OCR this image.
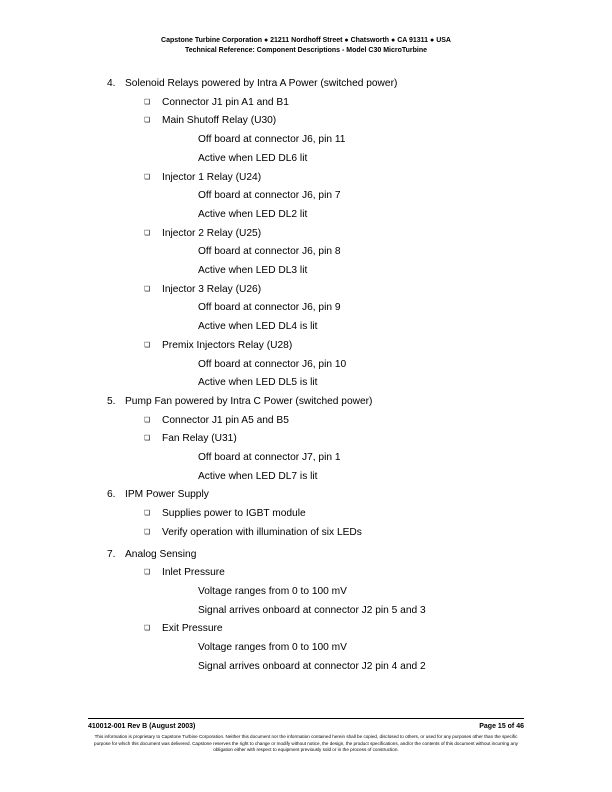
Capstone Turbine Corporation ● 21211 Nordhoff Street ● Chatsworth ● CA 91311 ● USA
Technical Reference: Component Descriptions - Model C30 MicroTurbine
4. Solenoid Relays powered by Intra A Power (switched power)
❏ Connector J1 pin A1 and B1
❏ Main Shutoff Relay (U30)
Off board at connector J6, pin 11
Active when LED DL6 lit
❏ Injector 1 Relay (U24)
Off board at connector J6, pin 7
Active when LED DL2 lit
❏ Injector 2 Relay (U25)
Off board at connector J6, pin 8
Active when LED DL3 lit
❏ Injector 3 Relay (U26)
Off board at connector J6, pin 9
Active when LED DL4 is lit
❏ Premix Injectors Relay (U28)
Off board at connector J6, pin 10
Active when LED DL5 is lit
5. Pump Fan powered by Intra C Power (switched power)
❏ Connector J1 pin A5 and B5
❏ Fan Relay (U31)
Off board at connector J7, pin 1
Active when LED DL7 is lit
6. IPM Power Supply
❏ Supplies power to IGBT module
❏ Verify operation with illumination of six LEDs
7. Analog Sensing
❏ Inlet Pressure
Voltage ranges from 0 to 100 mV
Signal arrives onboard at connector J2 pin 5 and 3
❏ Exit Pressure
Voltage ranges from 0 to 100 mV
Signal arrives onboard at connector J2 pin 4 and 2
410012-001 Rev B (August 2003)	Page 15 of 46
This information is proprietary to Capstone Turbine Corporation. Neither this document nor the information contained herein shall be copied, disclosed to others, or used for any purposes other than the specific purpose for which this document was delivered. Capstone reserves the right to change or modify without notice, the design, the product specifications, and/or the contents of this document without incurring any obligation either with respect to equipment previously sold or in the process of construction.
